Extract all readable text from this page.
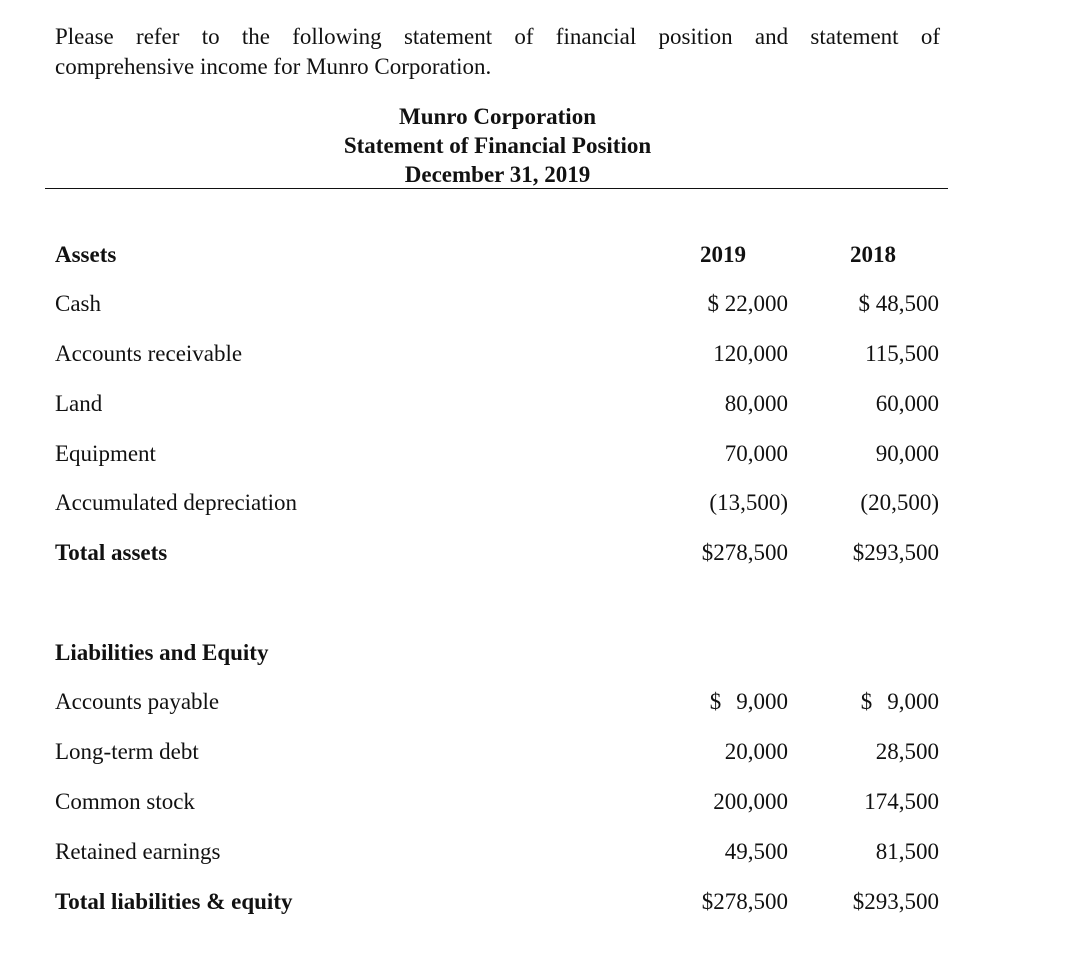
Please refer to the following statement of financial position and statement of
comprehensive income for Munro Corporation.
Munro Corporation
Statement of Financial Position
December 31, 2019
Assets	2019	2018
Cash	$ 22,000	$ 48,500
Accounts receivable	120,000	115,500
Land	80,000	60,000
Equipment	70,000	90,000
Accumulated depreciation	(13,500)	(20,500)
Total assets	$278,500	$293,500
Liabilities and Equity
Accounts payable	$ 9,000	$ 9,000
Long-term debt	20,000	28,500
Common stock	200,000	174,500
Retained earnings	49,500	81,500
Total liabilities & equity	$278,500	$293,500
